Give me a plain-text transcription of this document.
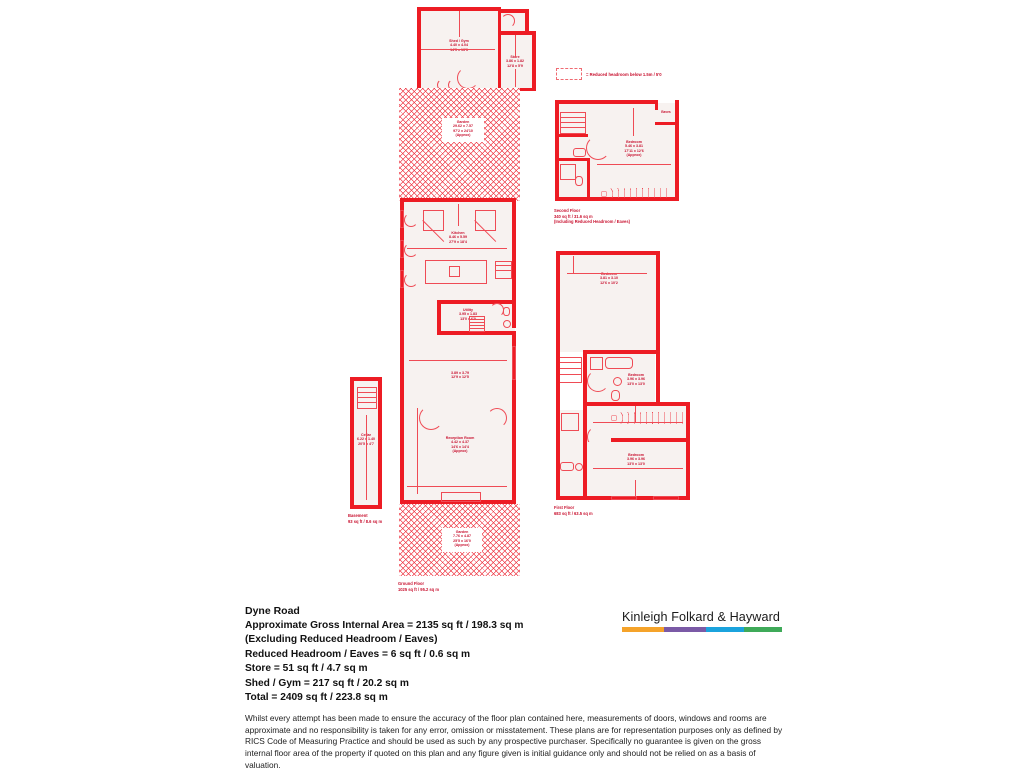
Shed / Gym
4.40 x 4.04
14'5 x 13'3
Store
3.86 x 1.82
12'8 x 5'9
= Reduced headroom below 1.5m / 5'0
Garden
29.62 x 7.57
97'2 x 24'10
(Approx)
Kitchen
8.46 x 5.59
27'9 x 18'4
Utility
3.95 x 1.83
13'0 x 6'0
3.89 x 3.79
12'9 x 12'5
Reception Room
4.42 x 4.37
14'6 x 14'4
(Approx)
Garden
7.76 x 4.87
25'5 x 16'0
(Approx)
Ground Floor
1025 sq ft / 95.2 sq m
Cellar
6.22 x 1.40
20'5 x 4'7
Basement
93 sq ft / 8.6 sq m
Eaves
Bedroom
5.46 x 3.81
17'11 x 12'6
(Approx)
Second Floor
340 sq ft / 31.6 sq m
(Including Reduced Headroom / Eaves)
Bedroom
3.81 x 3.10
12'6 x 10'2
Bedroom
3.96 x 3.96
13'0 x 13'0
Bedroom
3.96 x 3.96
13'0 x 13'0
First Floor
683 sq ft / 63.5 sq m
Dyne Road
Approximate Gross Internal Area = 2135 sq ft / 198.3 sq m
(Excluding Reduced Headroom / Eaves)
Reduced Headroom / Eaves = 6 sq ft / 0.6 sq m
Store = 51 sq ft / 4.7 sq m
Shed / Gym = 217 sq ft / 20.2 sq m
Total = 2409 sq ft / 223.8 sq m
Whilst every attempt has been made to ensure the accuracy of the floor plan contained here, measurements of doors, windows and rooms are approximate and no responsibility is taken for any error, omission or misstatement. These plans are for representation purposes only as defined by RICS Code of Measuring Practice and should be used as such by any prospective purchaser. Specifically no guarantee is given on the gross internal floor area of the property if quoted on this plan and any figure given is initial guidance only and should not be relied on as a basis of valuation.
Kinleigh Folkard & Hayward
